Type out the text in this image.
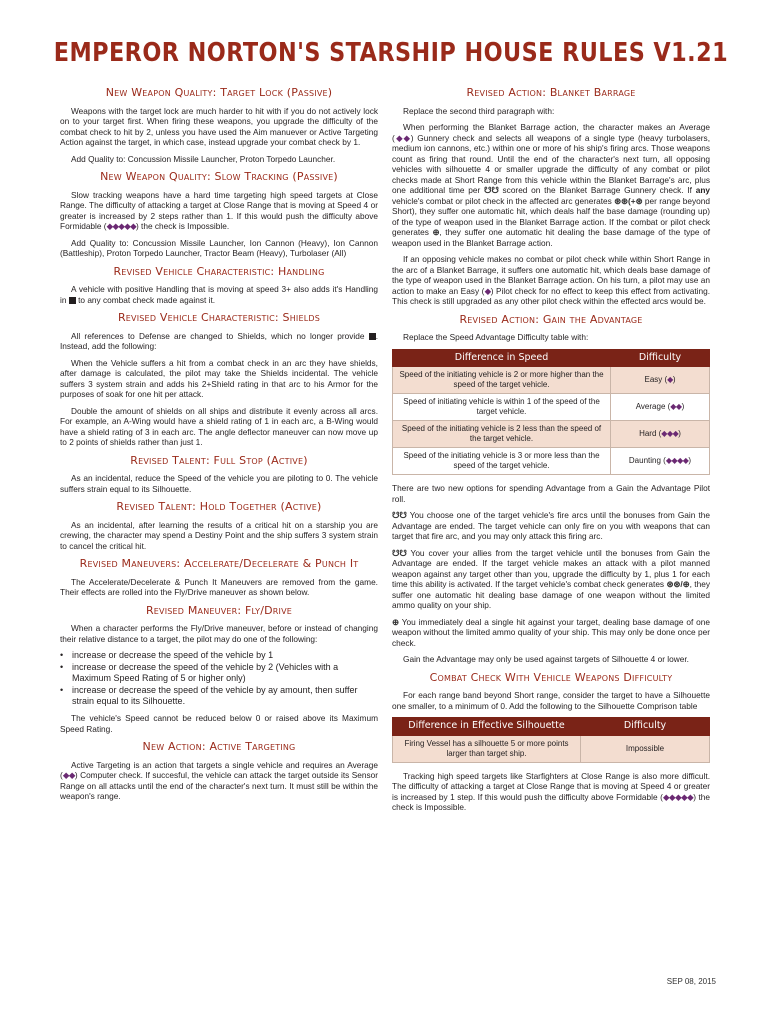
EMPEROR NORTON'S STARSHIP HOUSE RULES V1.21
New Weapon Quality: Target Lock (Passive)

Weapons with the target lock are much harder to hit with if you do not actively lock on to your target first. When firing these weapons, you upgrade the difficulty of the combat check to hit by 2, unless you have used the Aim manuever or Active Targeting Action against the target, in which case, instead upgrade your combat check by 1.

Add Quality to: Concussion Missile Launcher, Proton Torpedo Launcher.

New Weapon Quality: Slow Tracking (Passive)

Slow tracking weapons have a hard time targeting high speed targets at Close Range. The difficulty of attacking a target at Close Range that is moving at Speed 4 or greater is increased by 2 steps rather than 1. If this would push the difficulty above Formidable (◆◆◆◆◆) the check is Impossible.

Add Quality to: Concussion Missile Launcher, Ion Cannon (Heavy), Ion Cannon (Battleship), Proton Torpedo Launcher, Tractor Beam (Heavy), Turbolaser (All)

Revised Vehicle Characteristic: Handling

A vehicle with positive Handling that is moving at speed 3+ also adds it's Handling in to any combat check made against it.

Revised Vehicle Characteristic: Shields

All references to Defense are changed to Shields, which no longer provide . Instead, add the following:

When the Vehicle suffers a hit from a combat check in an arc they have shields, after damage is calculated, the pilot may take the Shields incidental. The vehicle suffers 3 system strain and adds his 2+Shield rating in that arc to his Armor for the purposes of soak for one hit per attack.

Double the amount of shields on all ships and distribute it evenly across all arcs. For example, an A-Wing would have a shield rating of 1 in each arc, a B-Wing would have a shield rating of 3 in each arc. The angle deflector maneuver can now move up to 2 points of shields rather than just 1.

Revised Talent: Full Stop (Active)

As an incidental, reduce the Speed of the vehicle you are piloting to 0. The vehicle suffers strain equal to its Silhouette.

Revised Talent: Hold Together (Active)

As an incidental, after learning the results of a critical hit on a starship you are crewing, the character may spend a Destiny Point and the ship suffers 3 system strain to cancel the critical hit.

Revised Maneuvers: Accelerate/Decelerate & Punch It

The Accelerate/Decelerate & Punch It Maneuvers are removed from the game. Their effects are rolled into the Fly/Drive maneuver as shown below.

Revised Maneuver: Fly/Drive

When a character performs the Fly/Drive maneuver, before or instead of changing their relative distance to a target, the pilot may do one of the following:

• increase or decrease the speed of the vehicle by 1
• increase or decrease the speed of the vehicle by 2 (Vehicles with a Maximum Speed Rating of 5 or higher only)
• increase or decrease the speed of the vehicle by ay amount, then suffer strain equal to its Silhouette.

The vehicle's Speed cannot be reduced below 0 or raised above its Maximum Speed Rating.

New Action: Active Targeting

Active Targeting is an action that targets a single vehicle and requires an Average (◆◆) Computer check. If succesful, the vehicle can attack the target outside its Sensor Range on all attacks until the end of the character's next turn. It must still be within the weapon's range.

Revised Action: Blanket Barrage

Replace the second third paragraph with:

When performing the Blanket Barrage action, the character makes an Average (◆◆) Gunnery check and selects all weapons of a single type (heavy turbolasers, medium ion cannons, etc.) within one or more of his ship's firing arcs. Those weapons count as firing that round. Until the end of the character's next turn, all opposing vehicles with silhouette 4 or smaller upgrade the difficulty of any combat or pilot checks made at Short Range from this vehicle within the Blanket Barrage's arc, plus one additional time per ☋☋ scored on the Blanket Barrage Gunnery check. If any vehicle's combat or pilot check in the affected arc generates ⊛⊛(+⊛ per range beyond Short), they suffer one automatic hit, which deals half the base damage (rounding up) of the type of weapon used in the Blanket Barrage action. If the combat or pilot check generates ⊕, they suffer one automatic hit dealing the base damage of the type of weapon used in the Blanket Barrage action.

If an opposing vehicle makes no combat or pilot check while within Short Range in the arc of a Blanket Barrage, it suffers one automatic hit, which deals base damage of the type of weapon used in the Blanket Barrage action. On his turn, a pilot may use an action to make an Easy (◆) Pilot check for no effect to keep this effect from activating. This check is still upgraded as any other pilot check within the effected arcs would be.

Revised Action: Gain the Advantage

Replace the Speed Advantage Difficulty table with:

Difference in Speed	Difficulty
Speed of the initiating vehicle is 2 or more higher than the speed of the target vehicle.	Easy (◆)
Speed of initiating vehicle is within 1 of the speed of the target vehicle.	Average (◆◆)
Speed of the initiating vehicle is 2 less than the speed of the target vehicle.	Hard (◆◆◆)
Speed of the initiating vehicle is 3 or more less than the speed of the target vehicle.	Daunting (◆◆◆◆)

There are two new options for spending Advantage from a Gain the Advantage Pilot roll.

☋☋ You choose one of the target vehicle's fire arcs until the bonuses from Gain the Advantage are ended. The target vehicle can only fire on you with weapons that can target that fire arc, and you may only attack this firing arc.

☋☋ You cover your allies from the target vehicle until the bonuses from Gain the Advantage are ended. If the target vehicle makes an attack with a pilot manned weapon against any target other than you, upgrade the difficulty by 1, plus 1 for each time this ability is activated. If the target vehicle's combat check generates ⊛⊛/⊕, they suffer one automatic hit dealing base damage of one weapon without the limited ammo quality on your ship.

⊕ You immediately deal a single hit against your target, dealing base damage of one weapon without the limited ammo quality of your ship. This may only be done once per check.

Gain the Advantage may only be used against targets of Silhouette 4 or lower.

Combat Check With Vehicle Weapons Difficulty

For each range band beyond Short range, consider the target to have a Silhouette one smaller, to a minimum of 0. Add the following to the Silhouette Comprison table

Difference in Effective Silhouette	Difficulty
Firing Vessel has a silhouette 5 or more points larger than target ship.	Impossible

Tracking high speed targets like Starfighters at Close Range is also more difficult. The difficulty of attacking a target at Close Range that is moving at Speed 4 or greater is increased by 1 step. If this would push the difficulty above Formidable (◆◆◆◆◆) the check is Impossible.

SEP 08, 2015
